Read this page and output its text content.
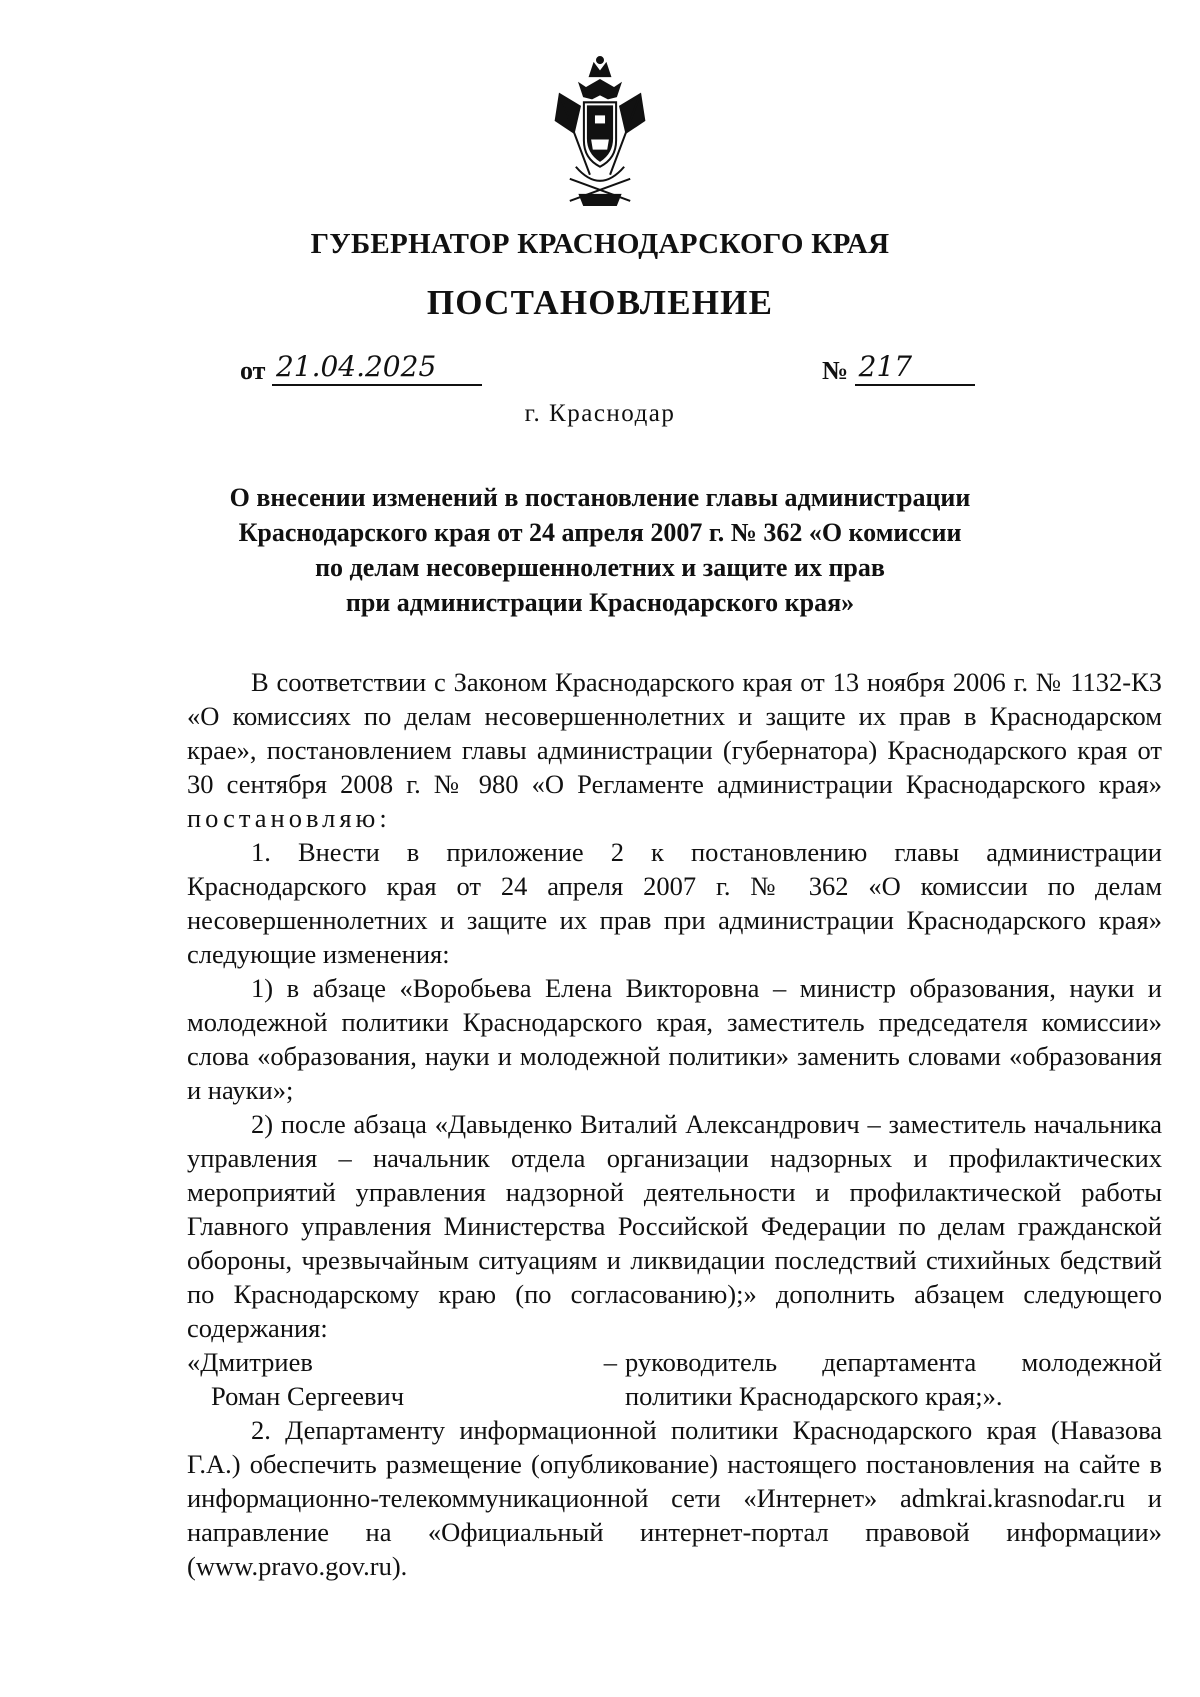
ГУБЕРНАТОР КРАСНОДАРСКОГО КРАЯ
ПОСТАНОВЛЕНИЕ
от 21.04.2025	№ 217
г. Краснодар
О внесении изменений в постановление главы администрации
Краснодарского края от 24 апреля 2007 г. № 362 «О комиссии
по делам несовершеннолетних и защите их прав
при администрации Краснодарского края»

В соответствии с Законом Краснодарского края от 13 ноября 2006 г. № 1132-КЗ «О комиссиях по делам несовершеннолетних и защите их прав в Краснодарском крае», постановлением главы администрации (губернатора) Краснодарского края от 30 сентября 2008 г. № 980 «О Регламенте администрации Краснодарского края» постановляю:

1. Внести в приложение 2 к постановлению главы администрации Краснодарского края от 24 апреля 2007 г. № 362 «О комиссии по делам несовершеннолетних и защите их прав при администрации Краснодарского края» следующие изменения:

1) в абзаце «Воробьева Елена Викторовна – министр образования, науки и молодежной политики Краснодарского края, заместитель председателя комиссии» слова «образования, науки и молодежной политики» заменить словами «образования и науки»;

2) после абзаца «Давыденко Виталий Александрович – заместитель начальника управления – начальник отдела организации надзорных и профилактических мероприятий управления надзорной деятельности и профилактической работы Главного управления Министерства Российской Федерации по делам гражданской обороны, чрезвычайным ситуациям и ликвидации последствий стихийных бедствий по Краснодарскому краю (по согласованию);» дополнить абзацем следующего содержания:

«Дмитриев
Роман Сергеевич
– руководитель департамента молодежной политики Краснодарского края;».

2. Департаменту информационной политики Краснодарского края (Навазова Г.А.) обеспечить размещение (опубликование) настоящего постановления на сайте в информационно-телекоммуникационной сети «Интернет» admkrai.krasnodar.ru и направление на «Официальный интернет-портал правовой информации» (www.pravo.gov.ru).
